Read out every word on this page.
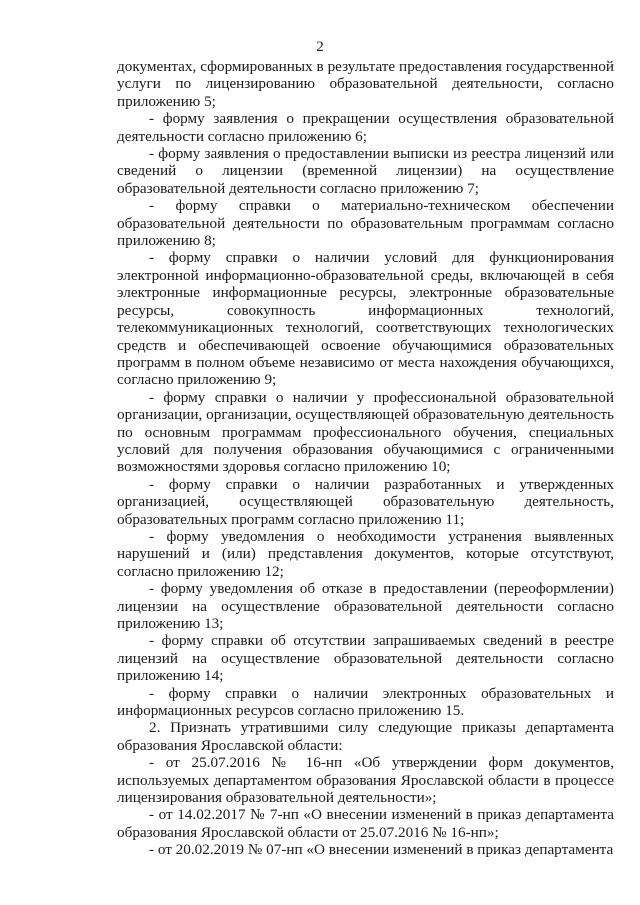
2

документах, сформированных в результате предоставления государственной услуги по лицензированию образовательной деятельности, согласно приложению 5;

- форму заявления о прекращении осуществления образовательной деятельности согласно приложению 6;

- форму заявления о предоставлении выписки из реестра лицензий или сведений о лицензии (временной лицензии) на осуществление образовательной деятельности согласно приложению 7;

- форму справки о материально-техническом обеспечении образовательной деятельности по образовательным программам согласно приложению 8;

- форму справки о наличии условий для функционирования электронной информационно-образовательной среды, включающей в себя электронные информационные ресурсы, электронные образовательные ресурсы, совокупность информационных технологий, телекоммуникационных технологий, соответствующих технологических средств и обеспечивающей освоение обучающимися образовательных программ в полном объеме независимо от места нахождения обучающихся, согласно приложению 9;

- форму справки о наличии у профессиональной образовательной организации, организации, осуществляющей образовательную деятельность по основным программам профессионального обучения, специальных условий для получения образования обучающимися с ограниченными возможностями здоровья согласно приложению 10;

- форму справки о наличии разработанных и утвержденных организацией, осуществляющей образовательную деятельность, образовательных программ согласно приложению 11;

- форму уведомления о необходимости устранения выявленных нарушений и (или) представления документов, которые отсутствуют, согласно приложению 12;

- форму уведомления об отказе в предоставлении (переоформлении) лицензии на осуществление образовательной деятельности согласно приложению 13;

- форму справки об отсутствии запрашиваемых сведений в реестре лицензий на осуществление образовательной деятельности согласно приложению 14;

- форму справки о наличии электронных образовательных и информационных ресурсов согласно приложению 15.

2. Признать утратившими силу следующие приказы департамента образования Ярославской области:

- от 25.07.2016 № 16-нп «Об утверждении форм документов, используемых департаментом образования Ярославской области в процессе лицензирования образовательной деятельности»;

- от 14.02.2017 № 7-нп «О внесении изменений в приказ департамента образования Ярославской области от 25.07.2016 № 16-нп»;

- от 20.02.2019 № 07-нп «О внесении изменений в приказ департамента
